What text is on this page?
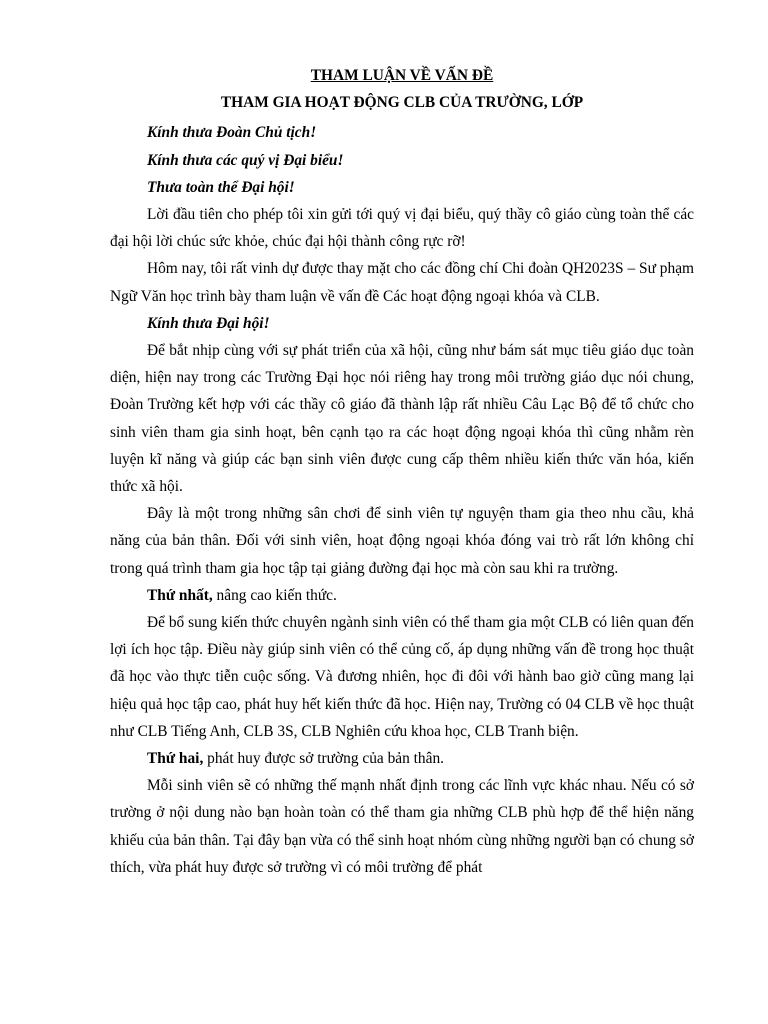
THAM LUẬN VỀ VẤN ĐỀ
THAM GIA HOẠT ĐỘNG CLB CỦA TRƯỜNG, LỚP

Kính thưa Đoàn Chủ tịch!

Kính thưa các quý vị Đại biểu!

Thưa toàn thể Đại hội!

Lời đầu tiên cho phép tôi xin gửi tới quý vị đại biểu, quý thầy cô giáo cùng toàn thể các đại hội lời chúc sức khỏe, chúc đại hội thành công rực rỡ!

Hôm nay, tôi rất vinh dự được thay mặt cho các đồng chí Chi đoàn QH2023S – Sư phạm Ngữ Văn học trình bày tham luận về vấn đề Các hoạt động ngoại khóa và CLB.

Kính thưa Đại hội!

Để bắt nhịp cùng với sự phát triển của xã hội, cũng như bám sát mục tiêu giáo dục toàn diện, hiện nay trong các Trường Đại học nói riêng hay trong môi trường giáo dục nói chung, Đoàn Trường kết hợp với các thầy cô giáo đã thành lập rất nhiều Câu Lạc Bộ để tổ chức cho sinh viên tham gia sinh hoạt, bên cạnh tạo ra các hoạt động ngoại khóa thì cũng nhằm rèn luyện kĩ năng và giúp các bạn sinh viên được cung cấp thêm nhiều kiến thức văn hóa, kiến thức xã hội.

Đây là một trong những sân chơi để sinh viên tự nguyện tham gia theo nhu cầu, khả năng của bản thân. Đối với sinh viên, hoạt động ngoại khóa đóng vai trò rất lớn không chỉ trong quá trình tham gia học tập tại giảng đường đại học mà còn sau khi ra trường.

Thứ nhất, nâng cao kiến thức.

Để bổ sung kiến thức chuyên ngành sinh viên có thể tham gia một CLB có liên quan đến lợi ích học tập. Điều này giúp sinh viên có thể củng cố, áp dụng những vấn đề trong học thuật đã học vào thực tiễn cuộc sống. Và đương nhiên, học đi đôi với hành bao giờ cũng mang lại hiệu quả học tập cao, phát huy hết kiến thức đã học. Hiện nay, Trường có 04 CLB về học thuật như CLB Tiếng Anh, CLB 3S, CLB Nghiên cứu khoa học, CLB Tranh biện.

Thứ hai, phát huy được sở trường của bản thân.

Mỗi sinh viên sẽ có những thế mạnh nhất định trong các lĩnh vực khác nhau. Nếu có sở trường ở nội dung nào bạn hoàn toàn có thể tham gia những CLB phù hợp để thể hiện năng khiếu của bản thân. Tại đây bạn vừa có thể sinh hoạt nhóm cùng những người bạn có chung sở thích, vừa phát huy được sở trường vì có môi trường để phát
